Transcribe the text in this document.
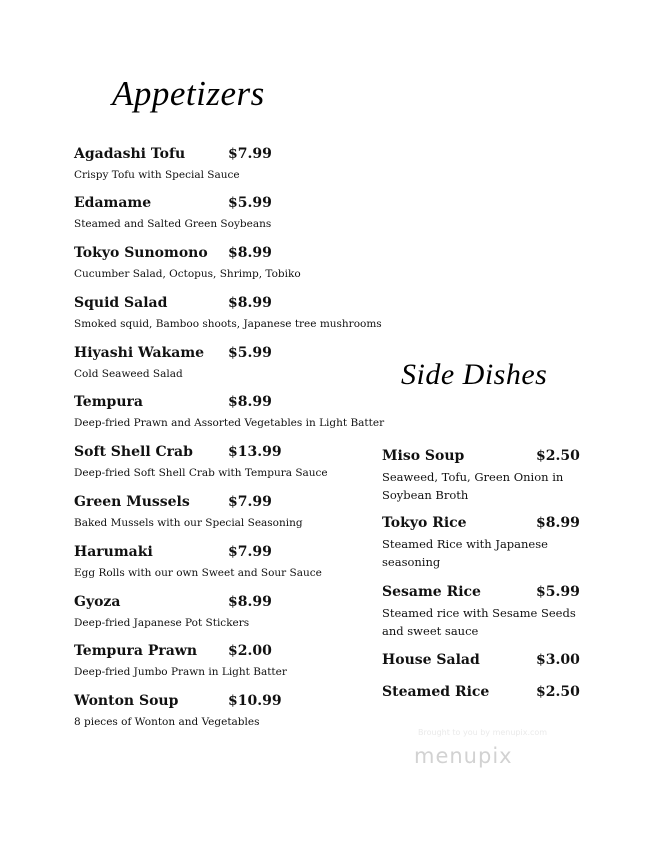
Appetizers
Agadashi Tofu	$7.99
Crispy Tofu with Special Sauce
Edamame	$5.99
Steamed and Salted Green Soybeans
Tokyo Sunomono $8.99
Cucumber Salad, Octopus, Shrimp, Tobiko
Squid Salad	$8.99
Smoked squid, Bamboo shoots, Japanese tree mushrooms
Hiyashi Wakame $5.99
Cold Seaweed Salad
Tempura	$8.99
Deep-fried Prawn and Assorted Vegetables in Light Batter
Soft Shell Crab	$13.99
Deep-fried Soft Shell Crab with Tempura Sauce
Green Mussels	$7.99
Baked Mussels with our Special Seasoning
Harumaki	$7.99
Egg Rolls with our own Sweet and Sour Sauce
Gyoza	$8.99
Deep-fried Japanese Pot Stickers
Tempura Prawn $2.00
Deep-fried Jumbo Prawn in Light Batter
Wonton Soup	$10.99
8 pieces of Wonton and Vegetables
Side Dishes
Miso Soup	$2.50
Seaweed, Tofu, Green Onion in Soybean Broth
Tokyo Rice	$8.99
Steamed Rice with Japanese seasoning
Sesame Rice	$5.99
Steamed rice with Sesame Seeds and sweet sauce
House Salad	$3.00
Steamed Rice	$2.50
Brought to you by menupix.com
menupix
